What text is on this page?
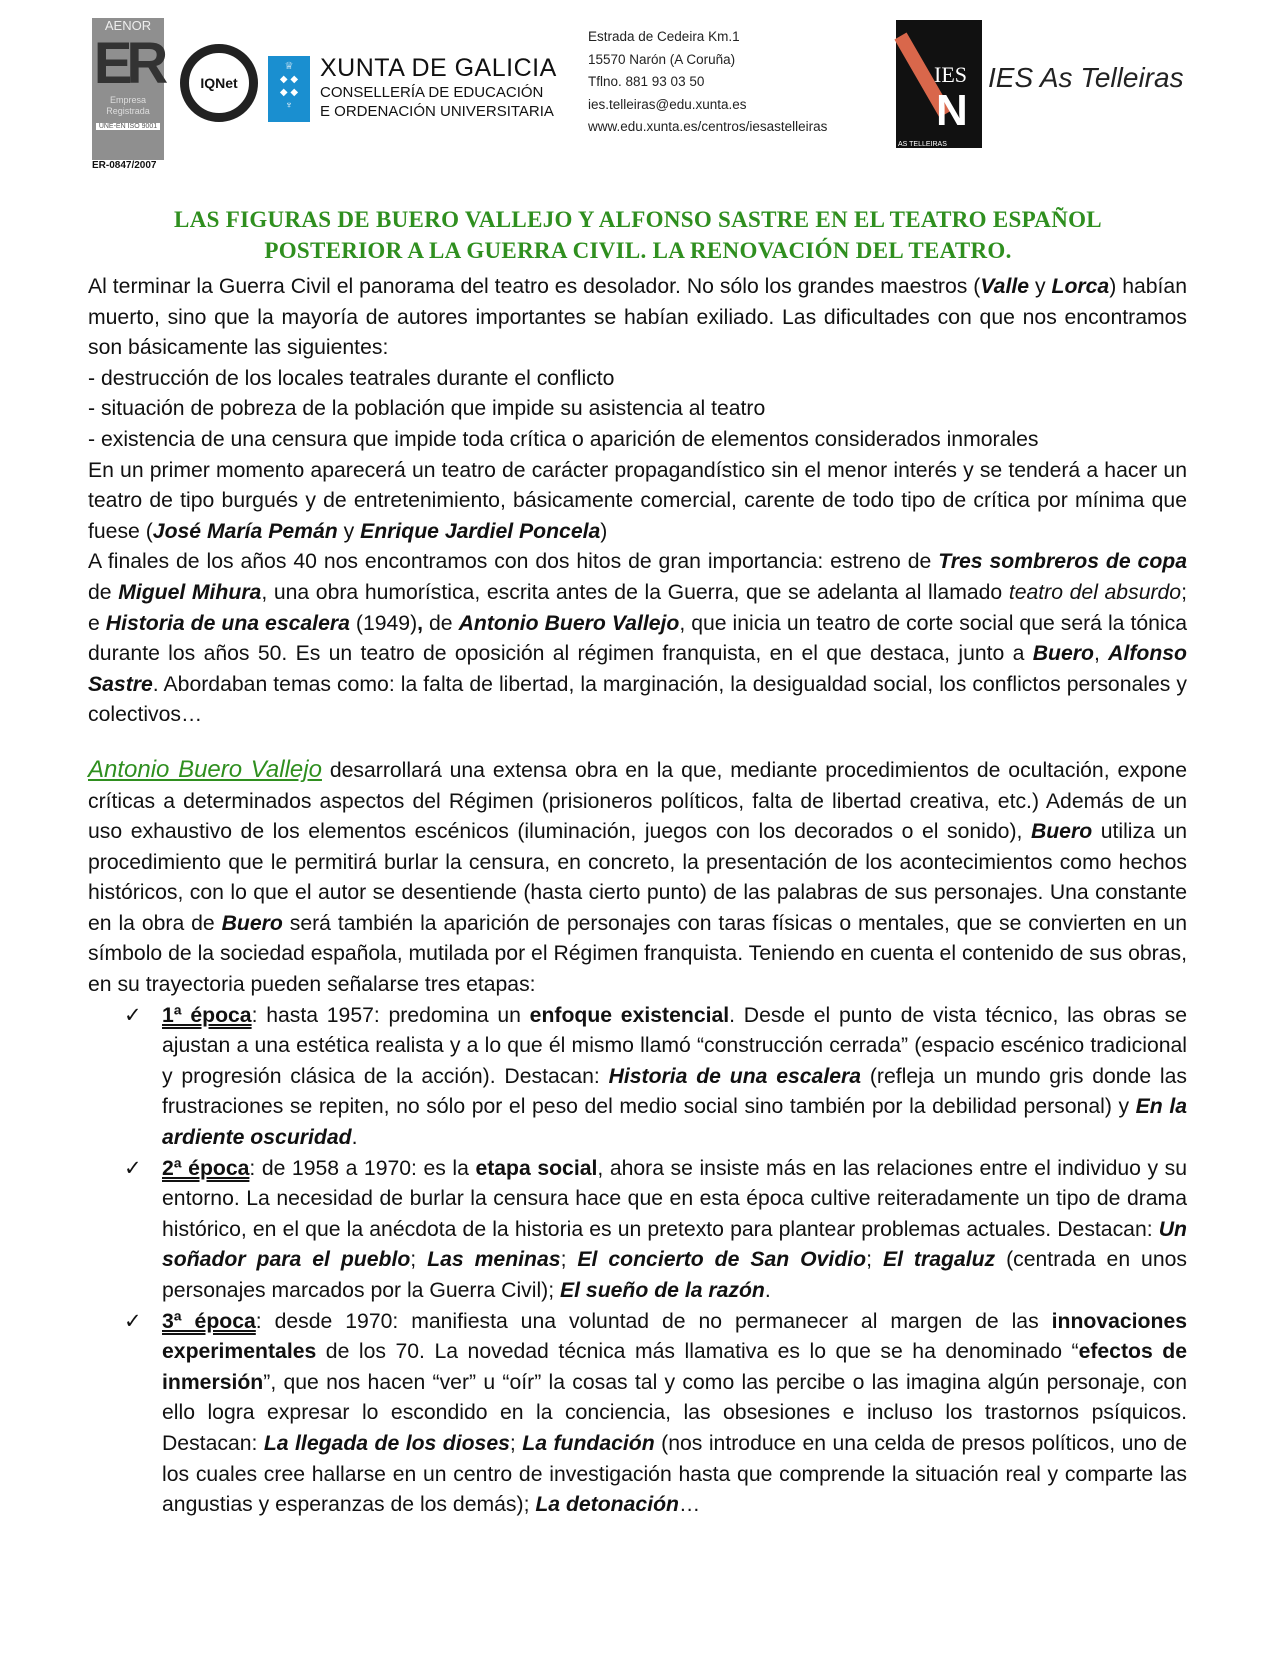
AENOR
ER
Empresa Registrada
UNE-EN ISO 9001
ER-0847/2007
IQNet
♕
◆ ◆
◆ ◆
♆
XUNTA DE GALICIA
CONSELLERÍA DE EDUCACIÓN
E ORDENACIÓN UNIVERSITARIA
Estrada de Cedeira Km.1
15570 Narón (A Coruña)
Tflno. 881 93 03 50
ies.telleiras@edu.xunta.es
www.edu.xunta.es/centros/iesastelleiras
IES
N
AS TELLEIRAS
IES As Telleiras
LAS FIGURAS DE BUERO VALLEJO Y ALFONSO SASTRE EN EL TEATRO ESPAÑOL
POSTERIOR A LA GUERRA CIVIL. LA RENOVACIÓN DEL TEATRO.

Al terminar la Guerra Civil el panorama del teatro es desolador. No sólo los grandes maestros (Valle y Lorca) habían muerto, sino que la mayoría de autores importantes se habían exiliado. Las dificultades con que nos encontramos son básicamente las siguientes:

- destrucción de los locales teatrales durante el conflicto

- situación de pobreza de la población que impide su asistencia al teatro

- existencia de una censura que impide toda crítica o aparición de elementos considerados inmorales

En un primer momento aparecerá un teatro de carácter propagandístico sin el menor interés y se tenderá a hacer un teatro de tipo burgués y de entretenimiento, básicamente comercial, carente de todo tipo de crítica por mínima que fuese (José María Pemán y Enrique Jardiel Poncela)

A finales de los años 40 nos encontramos con dos hitos de gran importancia: estreno de Tres sombreros de copa de Miguel Mihura, una obra humorística, escrita antes de la Guerra, que se adelanta al llamado teatro del absurdo; e Historia de una escalera (1949), de Antonio Buero Vallejo, que inicia un teatro de corte social que será la tónica durante los años 50. Es un teatro de oposición al régimen franquista, en el que destaca, junto a Buero, Alfonso Sastre. Abordaban temas como: la falta de libertad, la marginación, la desigualdad social, los conflictos personales y colectivos…

Antonio Buero Vallejo desarrollará una extensa obra en la que, mediante procedimientos de ocultación, expone críticas a determinados aspectos del Régimen (prisioneros políticos, falta de libertad creativa, etc.) Además de un uso exhaustivo de los elementos escénicos (iluminación, juegos con los decorados o el sonido), Buero utiliza un procedimiento que le permitirá burlar la censura, en concreto, la presentación de los acontecimientos como hechos históricos, con lo que el autor se desentiende (hasta cierto punto) de las palabras de sus personajes. Una constante en la obra de Buero será también la aparición de personajes con taras físicas o mentales, que se convierten en un símbolo de la sociedad española, mutilada por el Régimen franquista. Teniendo en cuenta el contenido de sus obras, en su trayectoria pueden señalarse tres etapas:

✓ 1ª época: hasta 1957: predomina un enfoque existencial. Desde el punto de vista técnico, las obras se ajustan a una estética realista y a lo que él mismo llamó “construcción cerrada” (espacio escénico tradicional y progresión clásica de la acción). Destacan: Historia de una escalera (refleja un mundo gris donde las frustraciones se repiten, no sólo por el peso del medio social sino también por la debilidad personal) y En la ardiente oscuridad.
✓ 2ª época: de 1958 a 1970: es la etapa social, ahora se insiste más en las relaciones entre el individuo y su entorno. La necesidad de burlar la censura hace que en esta época cultive reiteradamente un tipo de drama histórico, en el que la anécdota de la historia es un pretexto para plantear problemas actuales. Destacan: Un soñador para el pueblo; Las meninas; El concierto de San Ovidio; El tragaluz (centrada en unos personajes marcados por la Guerra Civil); El sueño de la razón.
✓ 3ª época: desde 1970: manifiesta una voluntad de no permanecer al margen de las innovaciones experimentales de los 70. La novedad técnica más llamativa es lo que se ha denominado “efectos de inmersión”, que nos hacen “ver” u “oír” la cosas tal y como las percibe o las imagina algún personaje, con ello logra expresar lo escondido en la conciencia, las obsesiones e incluso los trastornos psíquicos. Destacan: La llegada de los dioses; La fundación (nos introduce en una celda de presos políticos, uno de los cuales cree hallarse en un centro de investigación hasta que comprende la situación real y comparte las angustias y esperanzas de los demás); La detonación…
